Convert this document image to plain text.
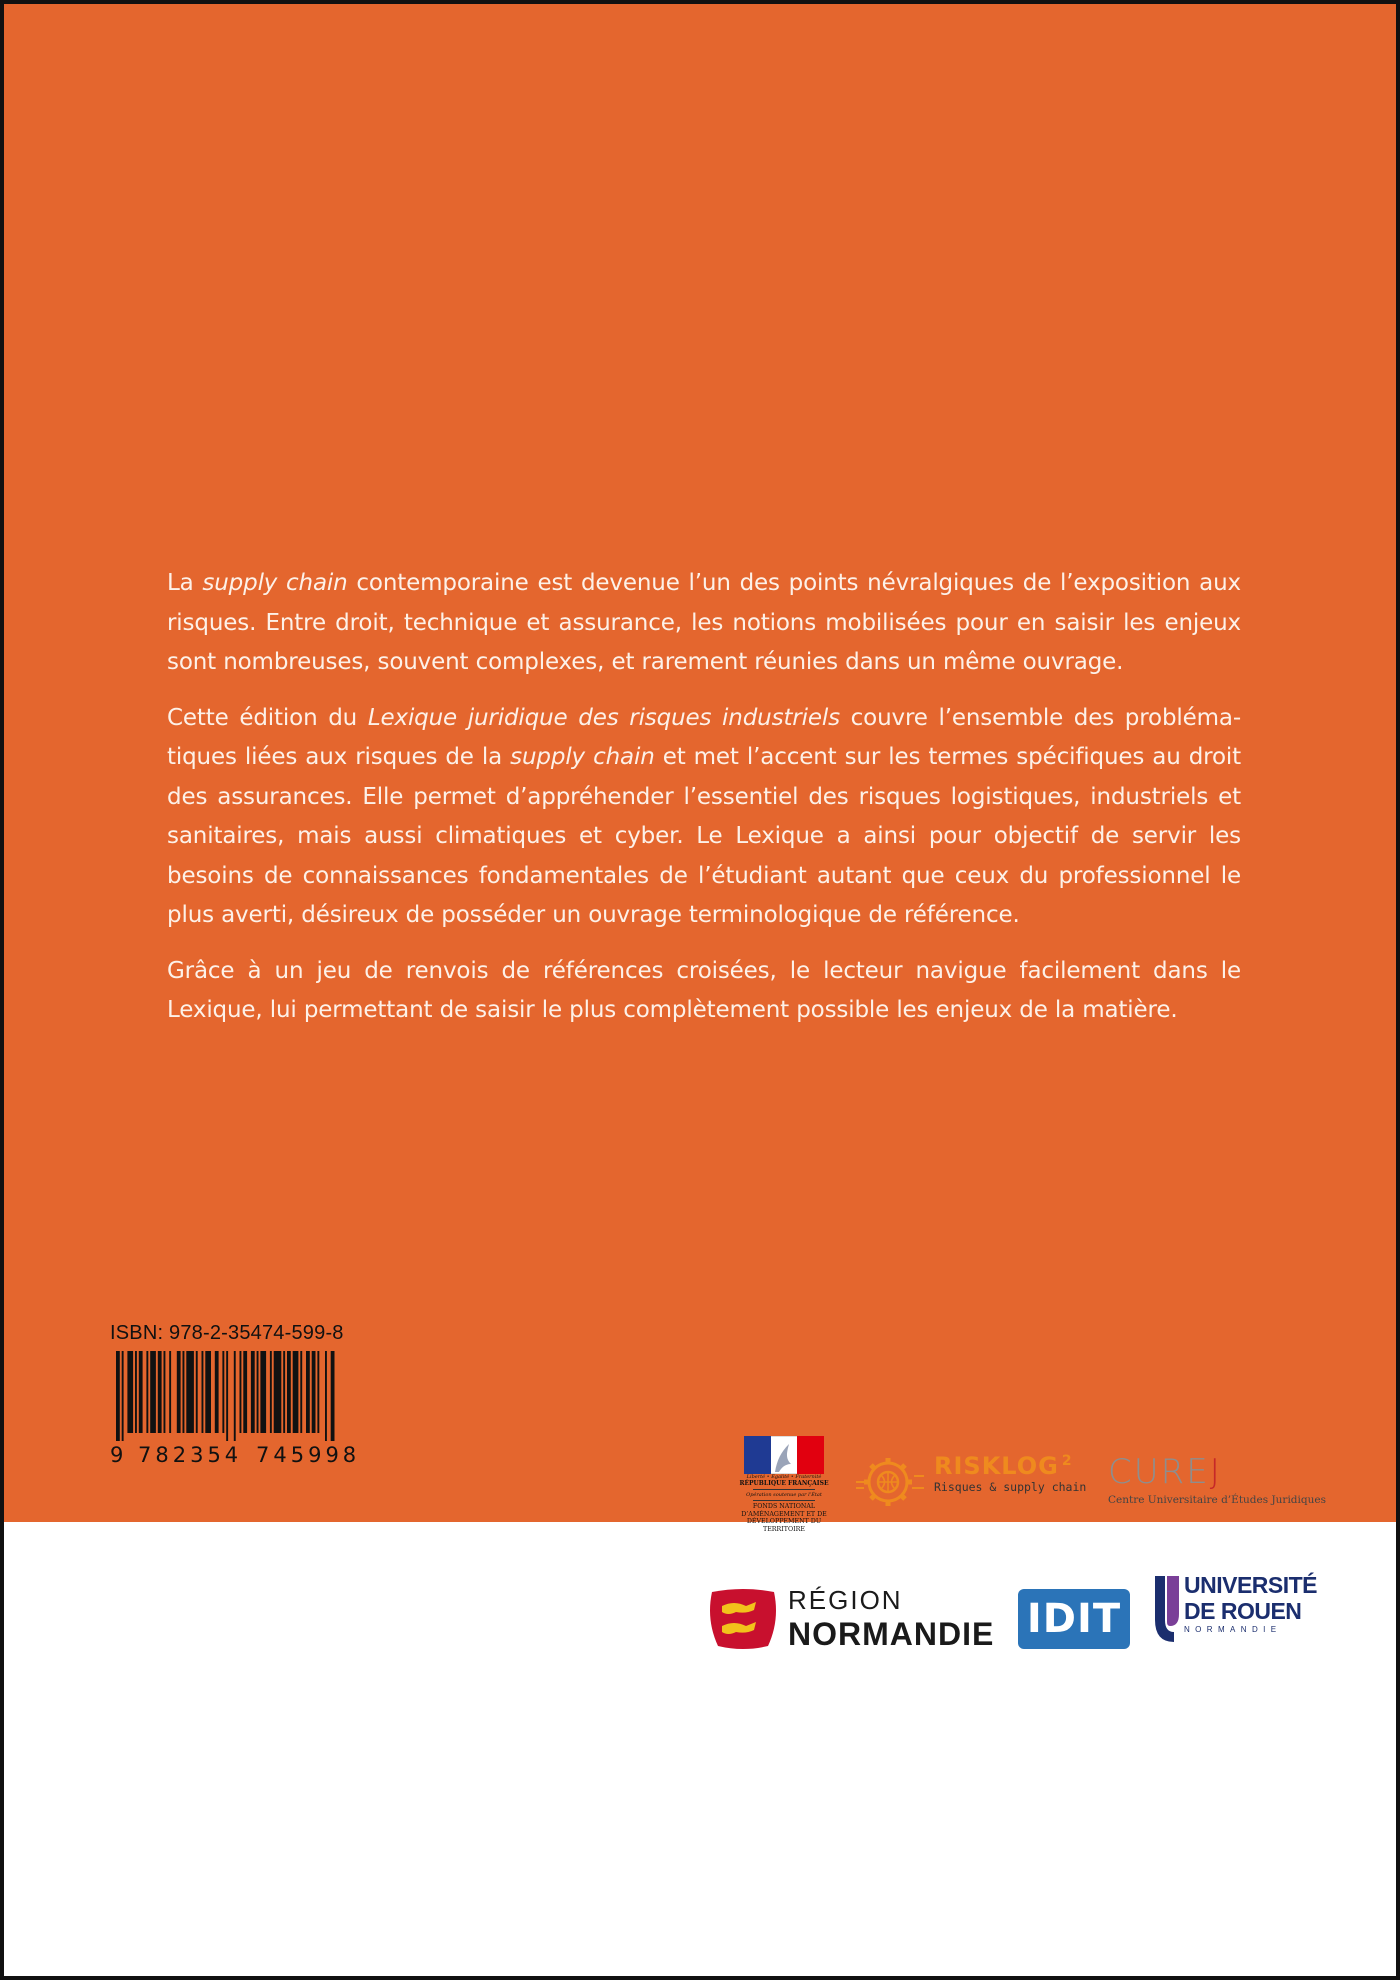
La supply chain contemporaine est devenue l’un des points névralgiques de l’exposition aux risques. Entre droit, technique et assurance, les notions mobilisées pour en saisir les enjeux sont nombreuses, souvent complexes, et rarement réunies dans un même ouvrage.

Cette édition du Lexique juridique des risques industriels couvre l’ensemble des probléma-tiques liées aux risques de la supply chain et met l’accent sur les termes spécifiques au droit des assurances. Elle permet d’appréhender l’essentiel des risques logistiques, industriels et sanitaires, mais aussi climatiques et cyber. Le Lexique a ainsi pour objectif de servir les besoins de connaissances fondamentales de l’étudiant autant que ceux du professionnel le plus averti, désireux de posséder un ouvrage terminologique de référence.

Grâce à un jeu de renvois de références croisées, le lecteur navigue facilement dans le Lexique, lui permettant de saisir le plus complètement possible les enjeux de la matière.

ISBN: 978-2-35474-599-8
9 782354 745998
Liberté • Égalité • Fraternité
RÉPUBLIQUE FRANÇAISE
Opération soutenue par l’État
FONDS NATIONAL D’AMÉNAGEMENT ET DE DÉVELOPPEMENT DU TERRITOIRE
RISKLOG $^2$
Risques & supply chain CUREJ
Centre Universitaire d’Études Juridiques
RÉGION
NORMANDIE IDIT
UNIVERSITÉ
DE ROUEN
NORMANDIE
